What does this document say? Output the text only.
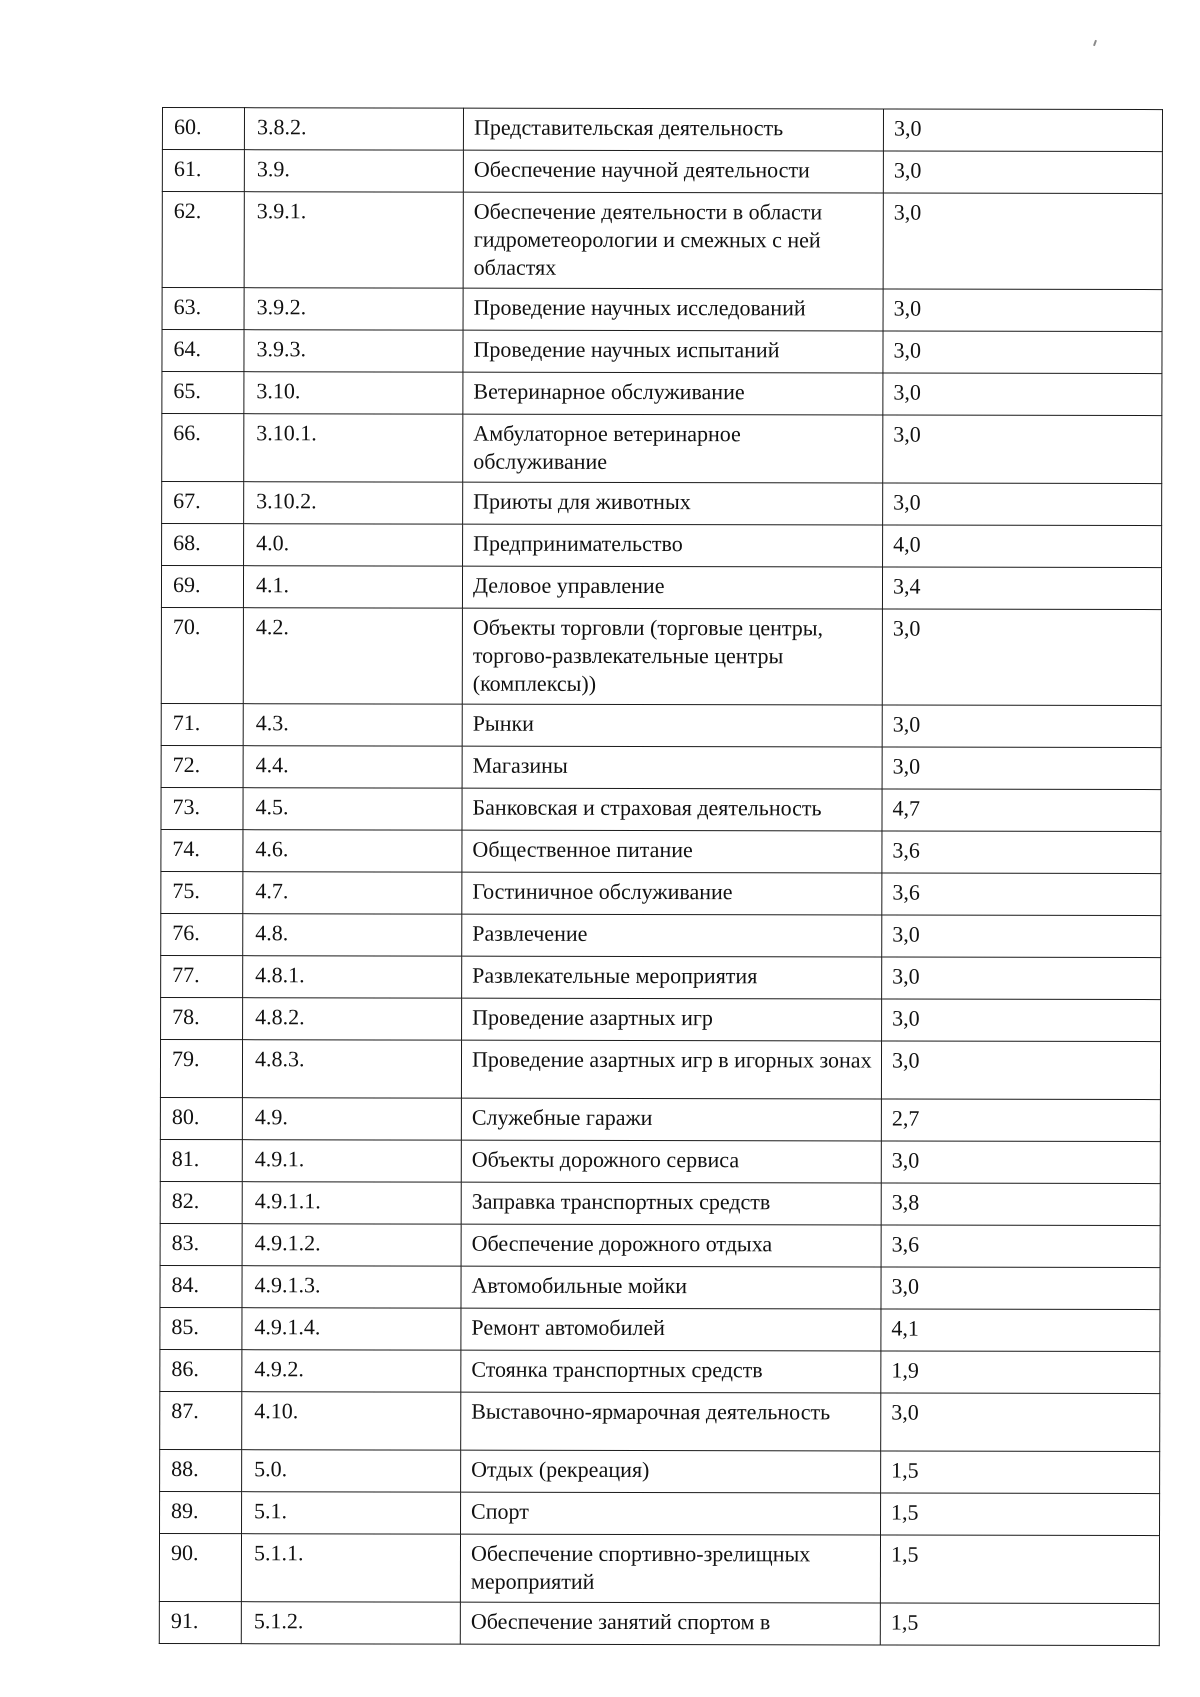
60.	3.8.2.	Представительская деятельность	3,0
61.	3.9.	Обеспечение научной деятельности	3,0
62.	3.9.1.	Обеспечение деятельности в области гидрометеорологии и смежных с ней областях	3,0
63.	3.9.2.	Проведение научных исследований	3,0
64.	3.9.3.	Проведение научных испытаний	3,0
65.	3.10.	Ветеринарное обслуживание	3,0
66.	3.10.1.	Амбулаторное ветеринарное обслуживание	3,0
67.	3.10.2.	Приюты для животных	3,0
68.	4.0.	Предпринимательство	4,0
69.	4.1.	Деловое управление	3,4
70.	4.2.	Объекты торговли (торговые центры, торгово-развлекательные центры (комплексы))	3,0
71.	4.3.	Рынки	3,0
72.	4.4.	Магазины	3,0
73.	4.5.	Банковская и страховая деятельность	4,7
74.	4.6.	Общественное питание	3,6
75.	4.7.	Гостиничное обслуживание	3,6
76.	4.8.	Развлечение	3,0
77.	4.8.1.	Развлекательные мероприятия	3,0
78.	4.8.2.	Проведение азартных игр	3,0
79.	4.8.3.	Проведение азартных игр в игорных зонах	3,0
80.	4.9.	Служебные гаражи	2,7
81.	4.9.1.	Объекты дорожного сервиса	3,0
82.	4.9.1.1.	Заправка транспортных средств	3,8
83.	4.9.1.2.	Обеспечение дорожного отдыха	3,6
84.	4.9.1.3.	Автомобильные мойки	3,0
85.	4.9.1.4.	Ремонт автомобилей	4,1
86.	4.9.2.	Стоянка транспортных средств	1,9
87.	4.10.	Выставочно-ярмарочная деятельность	3,0
88.	5.0.	Отдых (рекреация)	1,5
89.	5.1.	Спорт	1,5
90.	5.1.1.	Обеспечение спортивно-зрелищных мероприятий	1,5
91.	5.1.2.	Обеспечение занятий спортом в	1,5
